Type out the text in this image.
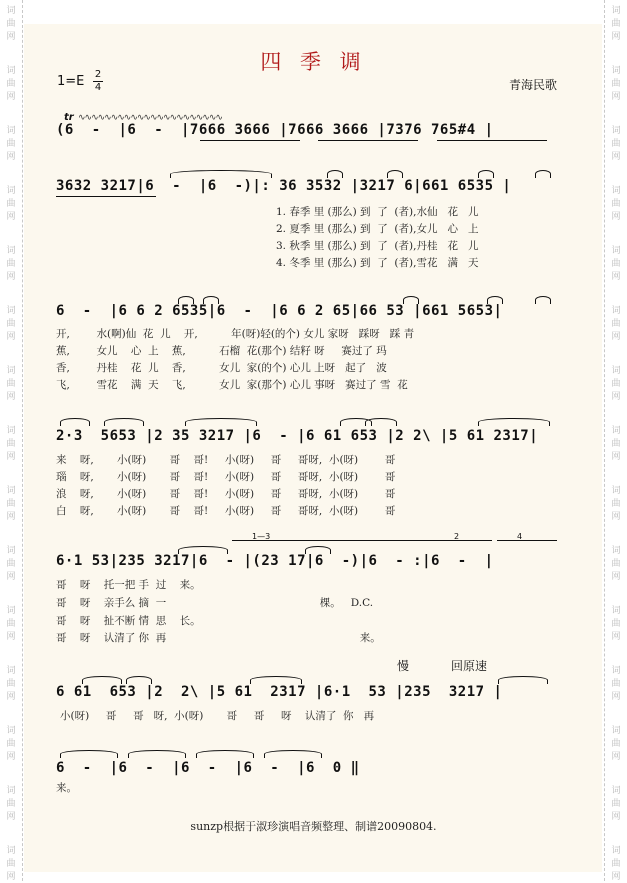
词
曲
网
词
曲
网
词
曲
网
词
曲
网
词
曲
网
词
曲
网
词
曲
网
词
曲
网
词
曲
网
词
曲
网
词
曲
网
词
曲
网
词
曲
网
词
曲
网
词
曲
网
词
曲
网
词
曲
网
词
曲
网
词
曲
网
词
曲
网
词
曲
网
词
曲
网
词
曲
网
词
曲
网
词
曲
网
词
曲
网
词
曲
网
词
曲
网
词
曲
网
词
曲
网
四 季 调
1=E 2
4	青海民歌
tr ∿∿∿∿∿∿∿∿∿∿∿∿∿∿∿∿∿∿∿∿∿∿
(6  -  |6  -  |7666 3666 |7666 3666 |7376 765#4 |
3632 3217|6  -  |6  -)|: 36 3532 |3217 6|661 6535 |
1. 春季 里 (那么) 到  了  (者),水仙   花   儿
2. 夏季 里 (那么) 到  了  (者),女儿   心   上
3. 秋季 里 (那么) 到  了  (者),丹桂   花   儿
4. 冬季 里 (那么) 到  了  (者),雪花   满   天
6  -  |6 6 2 6535|6  -  |6 6 2 65|66 53 |661 5653|
开,        水(啊)仙  花  儿    开,          年(呀)轻(的个) 女儿 家呀   踩呀   踩 青
蕉,        女儿    心  上    蕉,          石榴  花(那个) 结籽 呀     赛过了 玛
香,        丹桂    花  儿    香,          女儿  家(的个) 心儿 上呀   起了   波
飞,        雪花    满  天    飞,          女儿  家(那个) 心儿 事呀   赛过了 雪  花
2·3  5653 |2 35 3217 |6  - |6 61 653 |2 2\ |5 61 2317|
来    呀,       小(呀)       哥    哥!     小(呀)     哥     哥呀,  小(呀)        哥
瑙    呀,       小(呀)       哥    哥!     小(呀)     哥     哥呀,  小(呀)        哥
浪    呀,       小(呀)       哥    哥!     小(呀)     哥     哥呀,  小(呀)        哥
白    呀,       小(呀)       哥    哥!     小(呀)     哥     哥呀,  小(呀)        哥
1—3	2	4
6·1 53|235 3217|6  - |(23 17|6  -)|6  - :|6  -  |
哥    呀    托一把 手  过    来。
哥    呀    亲手么 摘  一                                              棵。   D.C.
哥    呀    扯不断 情  思    长。
哥    呀    认清了 你  再                                                          来。
慢	回原速
6 61  653 |2  2\ |5 61  2317 |6·1  53 |235  3217 |
小(呀)     哥     哥   呀,  小(呀)       哥     哥     呀    认清了  你   再
6  -  |6  -  |6  -  |6  -  |6  0 ‖
来。
sunzp根据于淑珍演唱音频整理、制谱20090804.
